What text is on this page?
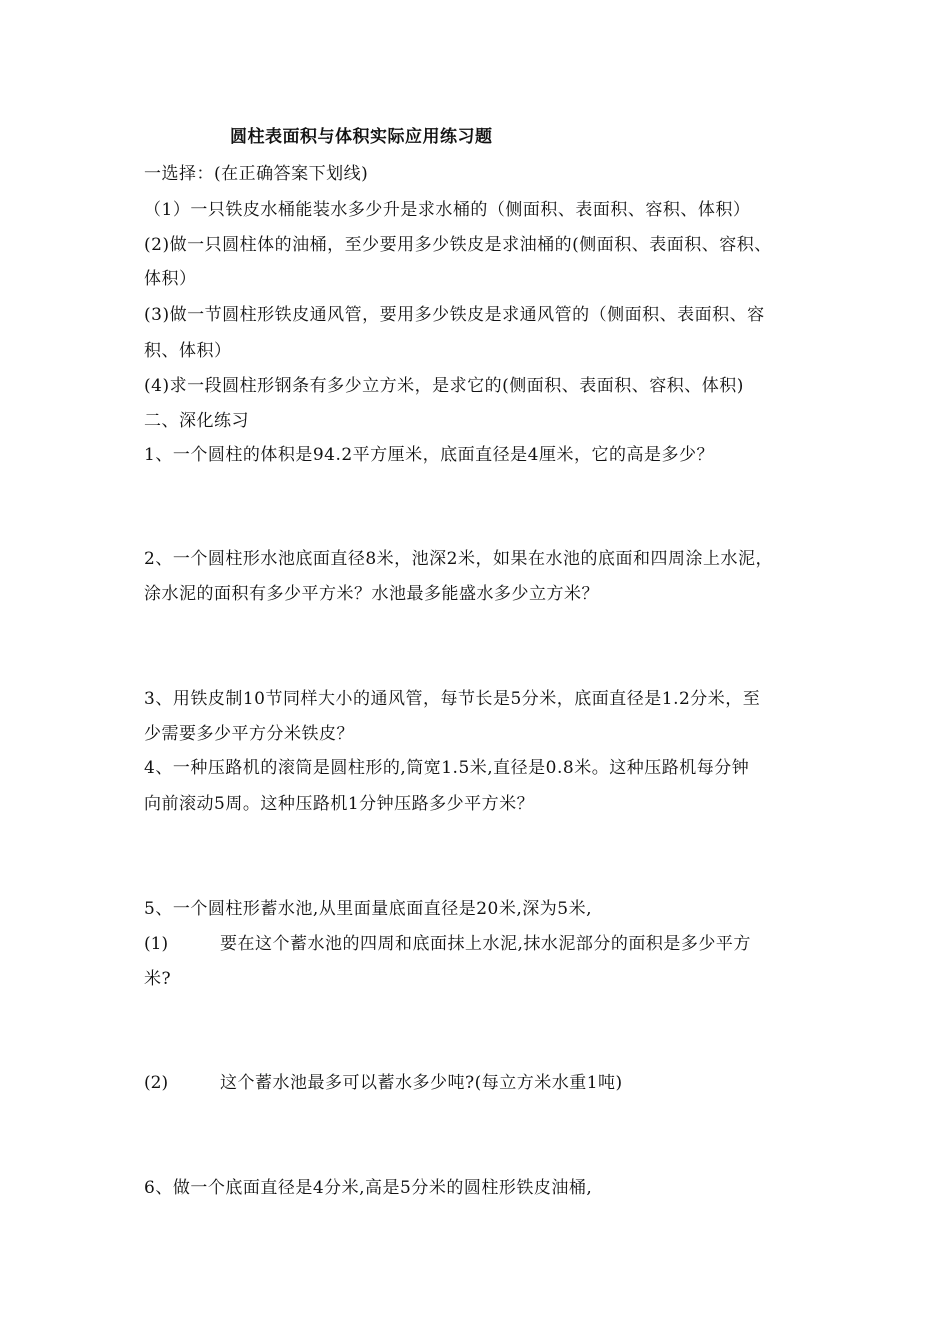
圆柱表面积与体积实际应用练习题
一选择：(在正确答案下划线)
（1）一只铁皮水桶能装水多少升是求水桶的（侧面积、表面积、容积、体积）
(2)做一只圆柱体的油桶，至少要用多少铁皮是求油桶的(侧面积、表面积、容积、
体积）
(3)做一节圆柱形铁皮通风管，要用多少铁皮是求通风管的（侧面积、表面积、容
积、体积）
(4)求一段圆柱形钢条有多少立方米，是求它的(侧面积、表面积、容积、体积)
二、深化练习
1、一个圆柱的体积是94.2平方厘米，底面直径是4厘米，它的高是多少？
2、一个圆柱形水池底面直径8米，池深2米，如果在水池的底面和四周涂上水泥，
涂水泥的面积有多少平方米？水池最多能盛水多少立方米？
3、用铁皮制10节同样大小的通风管，每节长是5分米，底面直径是1.2分米，至
少需要多少平方分米铁皮？
4、一种压路机的滚筒是圆柱形的,筒宽1.5米,直径是0.8米。这种压路机每分钟
向前滚动5周。这种压路机1分钟压路多少平方米？
5、一个圆柱形蓄水池,从里面量底面直径是20米,深为5米,
(1)	要在这个蓄水池的四周和底面抹上水泥,抹水泥部分的面积是多少平方
米?
(2)	这个蓄水池最多可以蓄水多少吨?(每立方米水重1吨)
6、做一个底面直径是4分米,高是5分米的圆柱形铁皮油桶,
